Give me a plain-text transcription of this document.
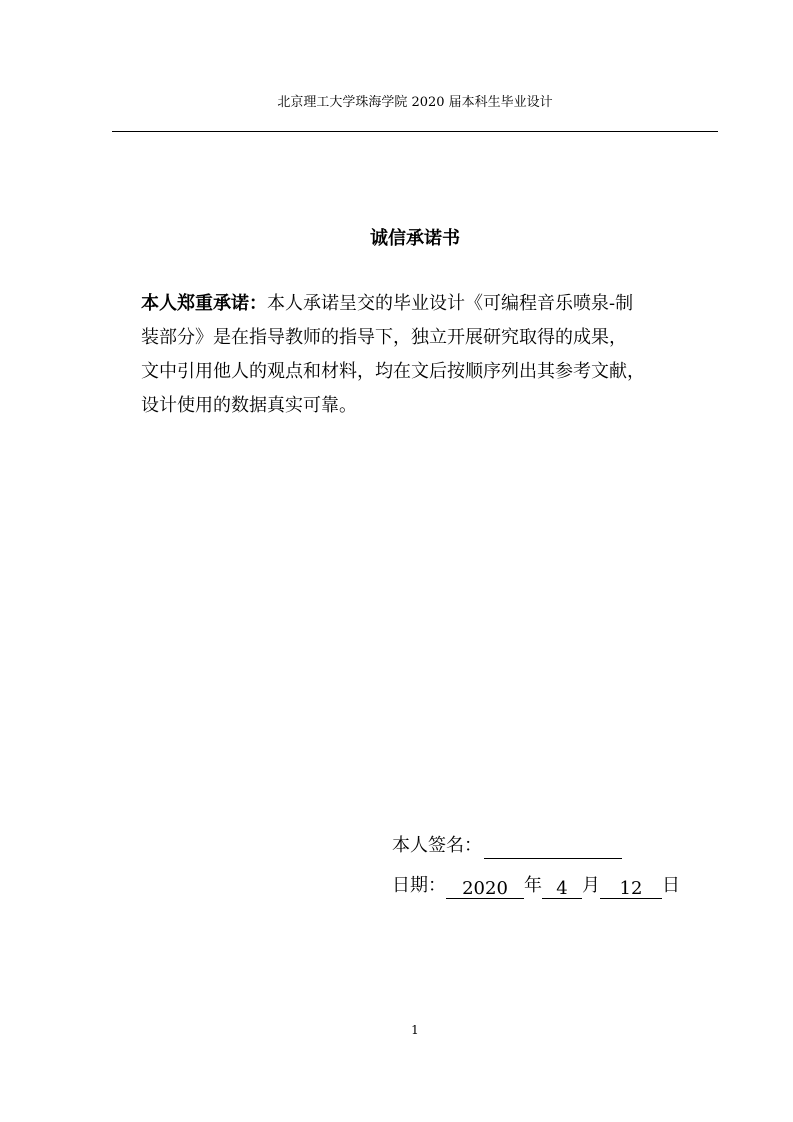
北京理工大学珠海学院 2020 届本科生毕业设计
诚信承诺书
本人郑重承诺：本人承诺呈交的毕业设计《可编程音乐喷泉-制
装部分》是在指导教师的指导下，独立开展研究取得的成果，
文中引用他人的观点和材料，均在文后按顺序列出其参考文献，
设计使用的数据真实可靠。
本人签名：
日期： 2020 年 4 月 12 日
1
